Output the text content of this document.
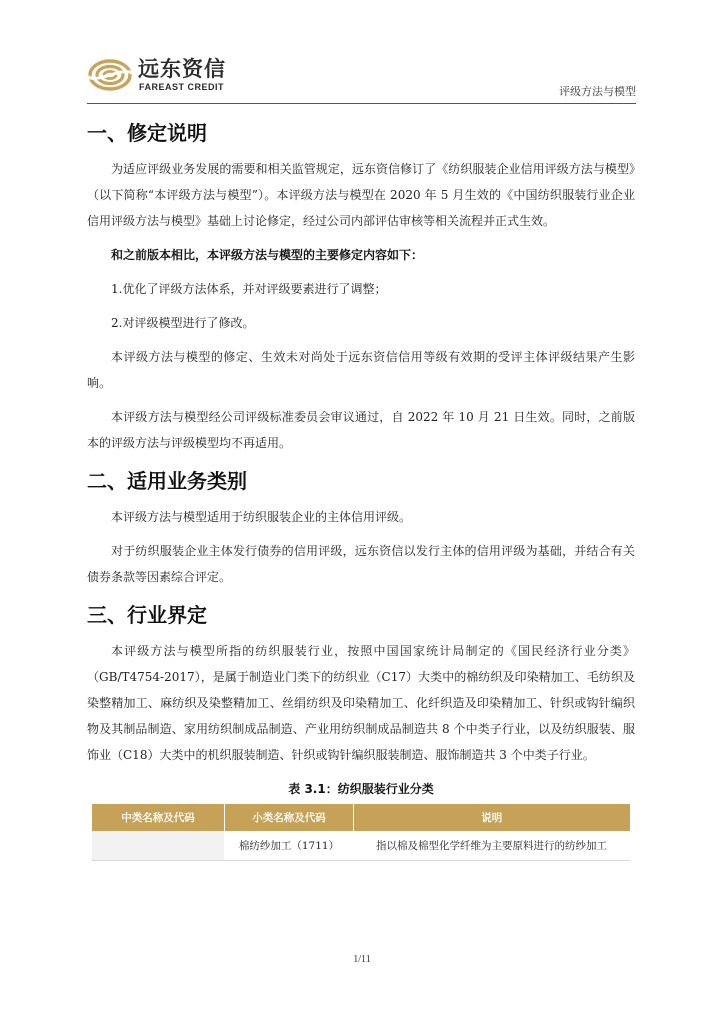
远东资信
FAREAST CREDIT	评级方法与模型
一、修定说明

为适应评级业务发展的需要和相关监管规定，远东资信修订了《纺织服装企业信用评级方法与模型》（以下简称“本评级方法与模型”）。本评级方法与模型在 2020 年 5 月生效的《中国纺织服装行业企业信用评级方法与模型》基础上讨论修定，经过公司内部评估审核等相关流程并正式生效。

和之前版本相比，本评级方法与模型的主要修定内容如下：

1.优化了评级方法体系，并对评级要素进行了调整；

2.对评级模型进行了修改。

本评级方法与模型的修定、生效未对尚处于远东资信信用等级有效期的受评主体评级结果产生影响。

本评级方法与模型经公司评级标准委员会审议通过，自 2022 年 10 月 21 日生效。同时，之前版本的评级方法与评级模型均不再适用。

二、适用业务类别

本评级方法与模型适用于纺织服装企业的主体信用评级。

对于纺织服装企业主体发行债券的信用评级，远东资信以发行主体的信用评级为基础，并结合有关债券条款等因素综合评定。

三、行业界定

本评级方法与模型所指的纺织服装行业，按照中国国家统计局制定的《国民经济行业分类》（GB/T4754-2017），是属于制造业门类下的纺织业（C17）大类中的棉纺织及印染精加工、毛纺织及染整精加工、麻纺织及染整精加工、丝绢纺织及印染精加工、化纤织造及印染精加工、针织或钩针编织物及其制品制造、家用纺织制成品制造、产业用纺织制成品制造共 8 个中类子行业，以及纺织服装、服饰业（C18）大类中的机织服装制造、针织或钩针编织服装制造、服饰制造共 3 个中类子行业。

表 3.1：纺织服装行业分类
中类名称及代码	小类名称及代码	说明
	棉纺纱加工（1711）	指以棉及棉型化学纤维为主要原料进行的纺纱加工
1/11
